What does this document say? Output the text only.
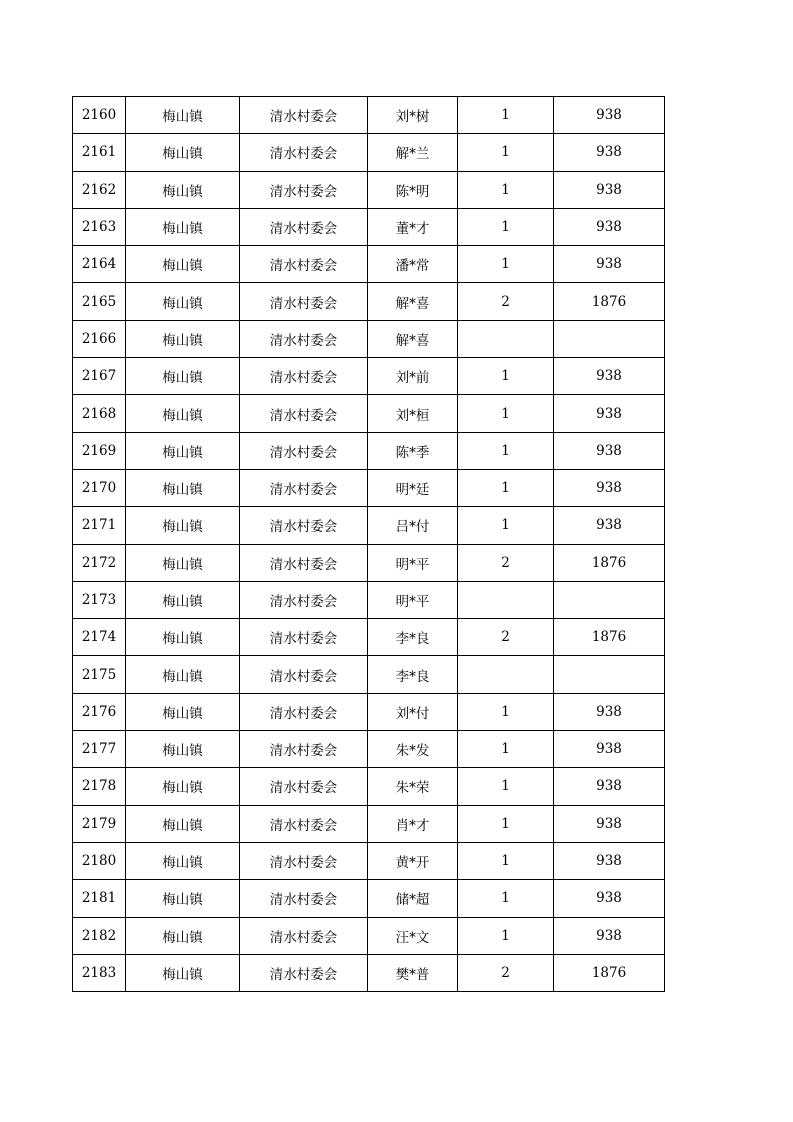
2160	梅山镇	清水村委会	刘*树	1	938
2161	梅山镇	清水村委会	解*兰	1	938
2162	梅山镇	清水村委会	陈*明	1	938
2163	梅山镇	清水村委会	董*才	1	938
2164	梅山镇	清水村委会	潘*常	1	938
2165	梅山镇	清水村委会	解*喜	2	1876
2166	梅山镇	清水村委会	解*喜		
2167	梅山镇	清水村委会	刘*前	1	938
2168	梅山镇	清水村委会	刘*桓	1	938
2169	梅山镇	清水村委会	陈*季	1	938
2170	梅山镇	清水村委会	明*廷	1	938
2171	梅山镇	清水村委会	吕*付	1	938
2172	梅山镇	清水村委会	明*平	2	1876
2173	梅山镇	清水村委会	明*平		
2174	梅山镇	清水村委会	李*良	2	1876
2175	梅山镇	清水村委会	李*良		
2176	梅山镇	清水村委会	刘*付	1	938
2177	梅山镇	清水村委会	朱*发	1	938
2178	梅山镇	清水村委会	朱*荣	1	938
2179	梅山镇	清水村委会	肖*才	1	938
2180	梅山镇	清水村委会	黄*开	1	938
2181	梅山镇	清水村委会	储*超	1	938
2182	梅山镇	清水村委会	汪*文	1	938
2183	梅山镇	清水村委会	樊*普	2	1876
